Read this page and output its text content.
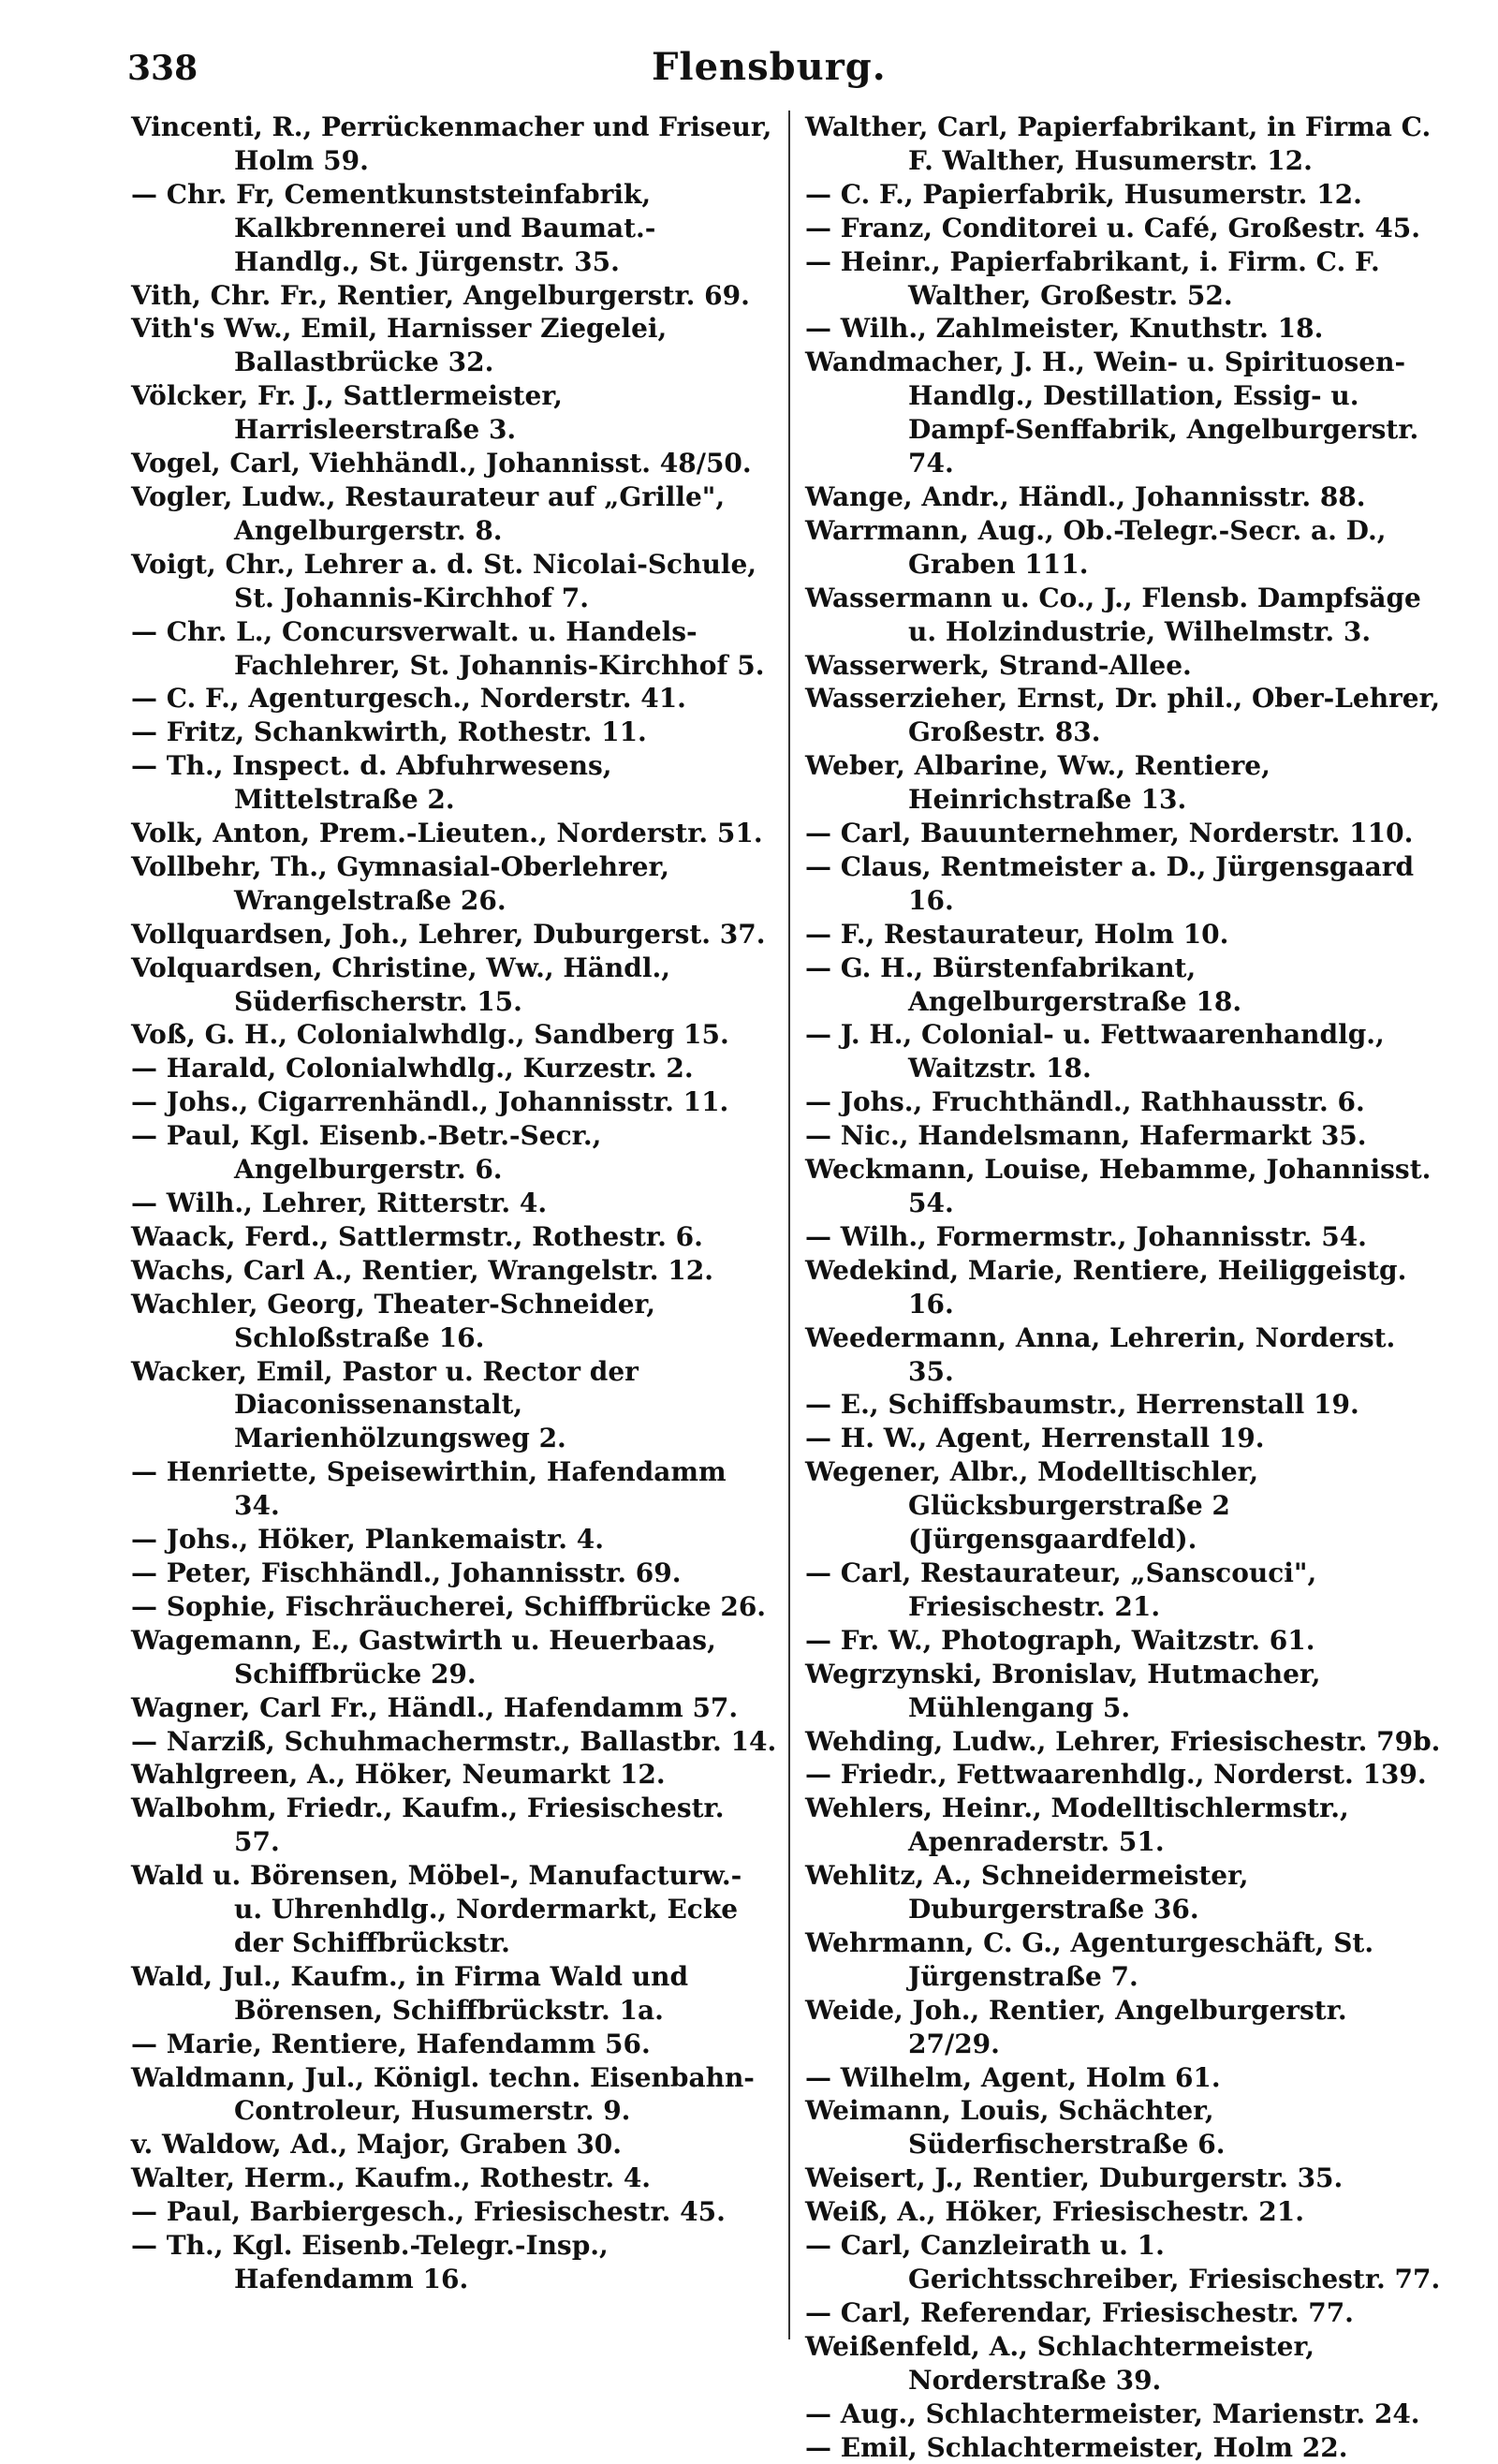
338	Flensburg.

Vincenti, R., Perrückenmacher und Friseur, Holm 59.

— Chr. Fr, Cementkunststeinfabrik, Kalkbrennerei und Baumat.-Handlg., St. Jürgenstr. 35.

Vith, Chr. Fr., Rentier, Angelburgerstr. 69.

Vith's Ww., Emil, Harnisser Ziegelei, Ballastbrücke 32.

Völcker, Fr. J., Sattlermeister, Harrisleerstraße 3.

Vogel, Carl, Viehhändl., Johannisst. 48/50.

Vogler, Ludw., Restaurateur auf „Grille", Angelburgerstr. 8.

Voigt, Chr., Lehrer a. d. St. Nicolai-Schule, St. Johannis-Kirchhof 7.

— Chr. L., Concursverwalt. u. Handels-Fachlehrer, St. Johannis-Kirchhof 5.

— C. F., Agenturgesch., Norderstr. 41.

— Fritz, Schankwirth, Rothestr. 11.

— Th., Inspect. d. Abfuhrwesens, Mittelstraße 2.

Volk, Anton, Prem.-Lieuten., Norderstr. 51.

Vollbehr, Th., Gymnasial-Oberlehrer, Wrangelstraße 26.

Vollquardsen, Joh., Lehrer, Duburgerst. 37.

Volquardsen, Christine, Ww., Händl., Süderfischerstr. 15.

Voß, G. H., Colonialwhdlg., Sandberg 15.

— Harald, Colonialwhdlg., Kurzestr. 2.

— Johs., Cigarrenhändl., Johannisstr. 11.

— Paul, Kgl. Eisenb.-Betr.-Secr., Angelburgerstr. 6.

— Wilh., Lehrer, Ritterstr. 4.

Waack, Ferd., Sattlermstr., Rothestr. 6.

Wachs, Carl A., Rentier, Wrangelstr. 12.

Wachler, Georg, Theater-Schneider, Schloßstraße 16.

Wacker, Emil, Pastor u. Rector der Diaconissenanstalt, Marienhölzungsweg 2.

— Henriette, Speisewirthin, Hafendamm 34.

— Johs., Höker, Plankemaistr. 4.

— Peter, Fischhändl., Johannisstr. 69.

— Sophie, Fischräucherei, Schiffbrücke 26.

Wagemann, E., Gastwirth u. Heuerbaas, Schiffbrücke 29.

Wagner, Carl Fr., Händl., Hafendamm 57.

— Narziß, Schuhmachermstr., Ballastbr. 14.

Wahlgreen, A., Höker, Neumarkt 12.

Walbohm, Friedr., Kaufm., Friesischestr. 57.

Wald u. Börensen, Möbel-, Manufacturw.- u. Uhrenhdlg., Nordermarkt, Ecke der Schiffbrückstr.

Wald, Jul., Kaufm., in Firma Wald und Börensen, Schiffbrückstr. 1a.

— Marie, Rentiere, Hafendamm 56.

Waldmann, Jul., Königl. techn. Eisenbahn-Controleur, Husumerstr. 9.

v. Waldow, Ad., Major, Graben 30.

Walter, Herm., Kaufm., Rothestr. 4.

— Paul, Barbiergesch., Friesischestr. 45.

— Th., Kgl. Eisenb.-Telegr.-Insp., Hafendamm 16.

Walther, Carl, Papierfabrikant, in Firma C. F. Walther, Husumerstr. 12.

— C. F., Papierfabrik, Husumerstr. 12.

— Franz, Conditorei u. Café, Großestr. 45.

— Heinr., Papierfabrikant, i. Firm. C. F. Walther, Großestr. 52.

— Wilh., Zahlmeister, Knuthstr. 18.

Wandmacher, J. H., Wein- u. Spirituosen-Handlg., Destillation, Essig- u. Dampf-Senffabrik, Angelburgerstr. 74.

Wange, Andr., Händl., Johannisstr. 88.

Warrmann, Aug., Ob.-Telegr.-Secr. a. D., Graben 111.

Wassermann u. Co., J., Flensb. Dampfsäge u. Holzindustrie, Wilhelmstr. 3.

Wasserwerk, Strand-Allee.

Wasserzieher, Ernst, Dr. phil., Ober-Lehrer, Großestr. 83.

Weber, Albarine, Ww., Rentiere, Heinrichstraße 13.

— Carl, Bauunternehmer, Norderstr. 110.

— Claus, Rentmeister a. D., Jürgensgaard 16.

— F., Restaurateur, Holm 10.

— G. H., Bürstenfabrikant, Angelburgerstraße 18.

— J. H., Colonial- u. Fettwaarenhandlg., Waitzstr. 18.

— Johs., Fruchthändl., Rathhausstr. 6.

— Nic., Handelsmann, Hafermarkt 35.

Weckmann, Louise, Hebamme, Johannisst. 54.

— Wilh., Formermstr., Johannisstr. 54.

Wedekind, Marie, Rentiere, Heiliggeistg. 16.

Weedermann, Anna, Lehrerin, Norderst. 35.

— E., Schiffsbaumstr., Herrenstall 19.

— H. W., Agent, Herrenstall 19.

Wegener, Albr., Modelltischler, Glücksburgerstraße 2 (Jürgensgaardfeld).

— Carl, Restaurateur, „Sanscouci", Friesischestr. 21.

— Fr. W., Photograph, Waitzstr. 61.

Wegrzynski, Bronislav, Hutmacher, Mühlengang 5.

Wehding, Ludw., Lehrer, Friesischestr. 79b.

— Friedr., Fettwaarenhdlg., Norderst. 139.

Wehlers, Heinr., Modelltischlermstr., Apenraderstr. 51.

Wehlitz, A., Schneidermeister, Duburgerstraße 36.

Wehrmann, C. G., Agenturgeschäft, St. Jürgenstraße 7.

Weide, Joh., Rentier, Angelburgerstr. 27/29.

— Wilhelm, Agent, Holm 61.

Weimann, Louis, Schächter, Süderfischerstraße 6.

Weisert, J., Rentier, Duburgerstr. 35.

Weiß, A., Höker, Friesischestr. 21.

— Carl, Canzleirath u. 1. Gerichtsschreiber, Friesischestr. 77.

— Carl, Referendar, Friesischestr. 77.

Weißenfeld, A., Schlachtermeister, Norderstraße 39.

— Aug., Schlachtermeister, Marienstr. 24.

— Emil, Schlachtermeister, Holm 22.
